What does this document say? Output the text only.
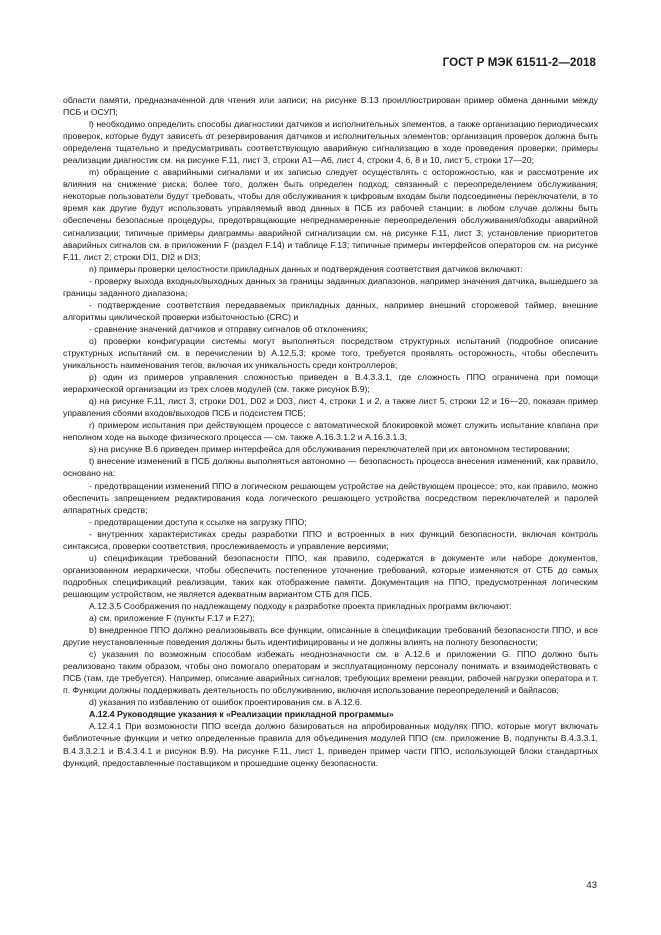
ГОСТ Р МЭК 61511-2—2018

области памяти, предназначенной для чтения или записи; на рисунке В.13 проиллюстрирован пример обмена данными между ПСБ и ОСУП;

l) необходимо определить способы диагностики датчиков и исполнительных элементов, а также организацию периодических проверок, которые будут зависеть от резервирования датчиков и исполнительных элементов; организация проверок должна быть определена тщательно и предусматривать соответствующую аварийную сигнализацию в ходе проведения проверки; примеры реализации диагностик см. на рисунке F.11, лист 3, строки A1—A6, лист 4, строки 4, 6, 8 и 10, лист 5, строки 17—20;

m) обращение с аварийными сигналами и их записью следует осуществлять с осторожностью, как и рассмотрение их влияния на снижение риска; более того, должен быть определен подход, связанный с переопределением обслуживания; некоторые пользователи будут требовать, чтобы для обслуживания к цифровым входам были подсоединены переключатели, в то время как другие будут использовать управляемый ввод данных в ПСБ из рабочей станции; в любом случае должны быть обеспечены безопасные процедуры, предотвращающие непреднамеренные переопределения обслуживания/обходы аварийной сигнализации; типичные примеры диаграммы аварийной сигнализации см. на рисунке F.11, лист 3; установление приоритетов аварийных сигналов см. в приложении F (раздел F.14) и таблице F.13; типичные примеры интерфейсов операторов см. на рисунке F.11, лист 2, строки DI1, DI2 и DI3;

n) примеры проверки целостности прикладных данных и подтверждения соответствия датчиков включают:

- проверку выхода входных/выходных данных за границы заданных диапазонов, например значения датчика, вышедшего за границы заданного диапазона;

- подтверждение соответствия передаваемых прикладных данных, например внешний сторожевой таймер, внешние алгоритмы циклической проверки избыточностью (CRC) и

- сравнение значений датчиков и отправку сигналов об отклонениях;

o) проверки конфигурации системы могут выполняться посредством структурных испытаний (подробное описание структурных испытаний см. в перечислении b) А.12.5.3; кроме того, требуется проявлять осторожность, чтобы обеспечить уникальность наименования тегов, включая их уникальность среди контроллеров;

p) один из примеров управления сложностью приведен в В.4.3.3.1, где сложность ППО ограничена при помощи иерархической организации из трех слоев модулей (см. также рисунок В.9);

q) на рисунке F.11, лист 3, строки D01, D02 и D03, лист 4, строки 1 и 2, а также лист 5, строки 12 и 16—20, показан пример управления сбоями входов/выходов ПСБ и подсистем ПСБ;

r) примером испытания при действующем процессе с автоматической блокировкой может служить испытание клапана при неполном ходе на выходе физического процесса — см. также А.16.3.1.2 и А.16.3.1.3;

s) на рисунке В.6 приведен пример интерфейса для обслуживания переключателей при их автономном тестировании;

t) внесение изменений в ПСБ должны выполняться автономно — безопасность процесса внесения изменений, как правило, основано на:

- предотвращении изменений ППО в логическом решающем устройстве на действующем процессе; это, как правило, можно обеспечить запрещением редактирования кода логического решающего устройства посредством переключателей и паролей аппаратных средств;

- предотвращении доступа к ссылке на загрузку ППО;

- внутренних характеристиках среды разработки ППО и встроенных в них функций безопасности, включая контроль синтаксиса, проверки соответствия, прослеживаемость и управление версиями;

u) спецификации требований безопасности ППО, как правило, содержатся в документе или наборе документов, организованном иерархически, чтобы обеспечить постепенное уточнение требований, которые изменяются от СТБ до самых подробных спецификаций реализации, таких как отображение памяти. Документация на ППО, предусмотренная логическим решающим устройством, не является адекватным вариантом СТБ для ПСБ.

А.12.3.5 Соображения по надлежащему подходу к разработке проекта прикладных программ включают:

a) см. приложение F (пункты F.17 и F.27);

b) внедренное ППО должно реализовывать все функции, описанные в спецификации требований безопасности ППО, и все другие неустановленные поведения должны быть идентифицированы и не должны влиять на полноту безопасности;

c) указания по возможным способам избежать неоднозначности см. в А.12.6 и приложении G. ППО должно быть реализовано таким образом, чтобы оно помогало операторам и эксплуатационному персоналу понимать и взаимодействовать с ПСБ (там, где требуется). Например, описание аварийных сигналов, требующих времени реакции, рабочей нагрузки оператора и т. п. Функции должны поддерживать деятельность по обслуживанию, включая использование переопределений и байпасов;

d) указания по избавлению от ошибок проектирования см. в А.12.6.

А.12.4 Руководящие указания к «Реализации прикладной программы»

А.12.4.1 При возможности ППО всегда должно базироваться на апробированных модулях ППО, которые могут включать библиотечные функции и четко определенные правила для объединения модулей ППО (см. приложение В, подпункты В.4.3.3.1, В.4.3.3.2.1 и В.4.3.4.1 и рисунок В.9). На рисунке F.11, лист 1, приведен пример части ППО, использующей блоки стандартных функций, предоставленные поставщиком и прошедшие оценку безопасности.

43
